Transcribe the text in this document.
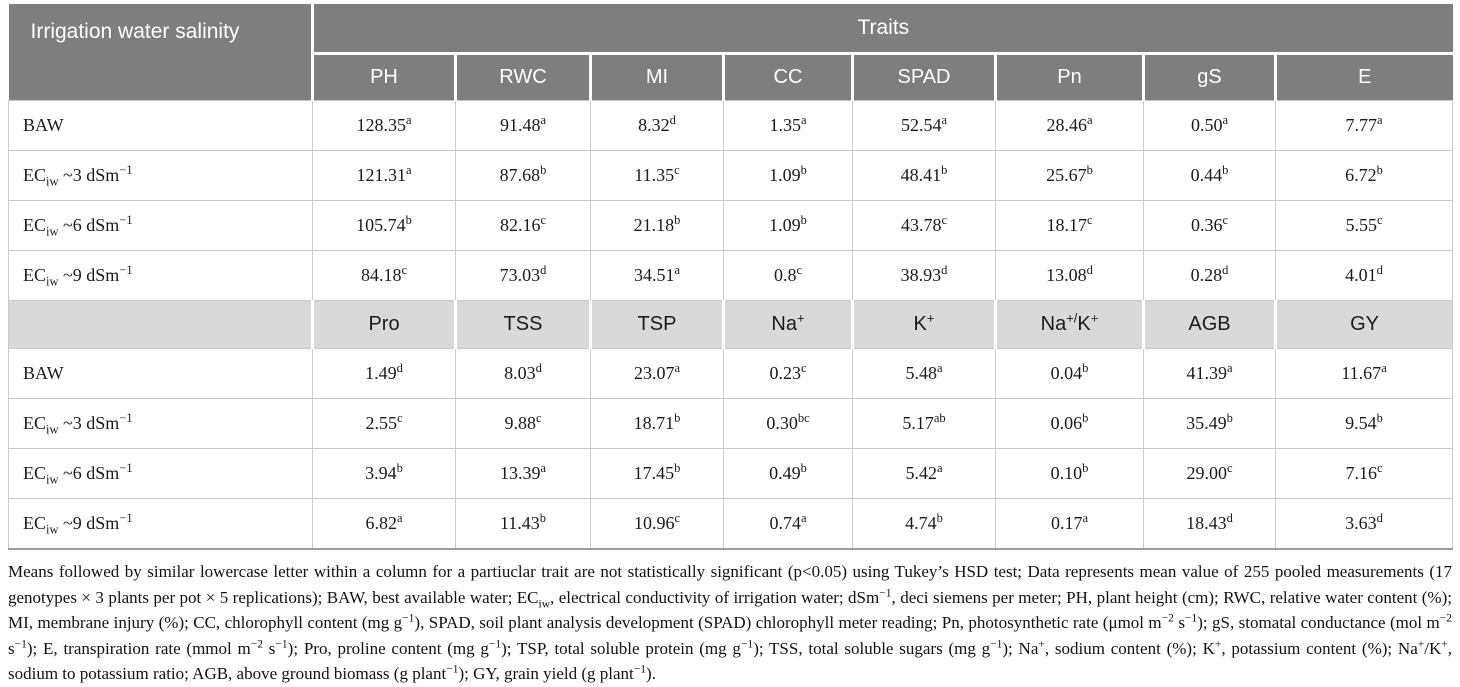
Irrigation water salinity	Traits							
	PH	RWC	MI	CC	SPAD	Pn	gS	E
BAW	128.35$^a$	91.48$^a$	8.32$^d$	1.35$^a$	52.54$^a$	28.46$^a$	0.50$^a$	7.77$^a$
$EC_{iw}$ ~3 dSm$^{-1}$	121.31$^a$	87.68$^b$	11.35$^c$	1.09$^b$	48.41$^b$	25.67$^b$	0.44$^b$	6.72$^b$
$EC_{iw}$ ~6 dSm$^{-1}$	105.74$^b$	82.16$^c$	21.18$^b$	1.09$^b$	43.78$^c$	18.17$^c$	0.36$^c$	5.55$^c$
$EC_{iw}$ ~9 dSm$^{-1}$	84.18$^c$	73.03$^d$	34.51$^a$	0.8$^c$	38.93$^d$	13.08$^d$	0.28$^d$	4.01$^d$
	Pro	TSS	TSP	Na+	K+	Na+/K+	AGB	GY
BAW	1.49$^d$	8.03$^d$	23.07$^a$	0.23$^c$	5.48$^a$	0.04$^b$	41.39$^a$	11.67$^a$
$EC_{iw}$ ~3 dSm$^{-1}$	2.55$^c$	9.88$^c$	18.71$^b$	0.30$^{bc}$	5.17$^{ab}$	0.06$^b$	35.49$^b$	9.54$^b$
$EC_{iw}$ ~6 dSm$^{-1}$	3.94$^b$	13.39$^a$	17.45$^b$	0.49$^b$	5.42$^a$	0.10$^b$	29.00$^c$	7.16$^c$
$EC_{iw}$ ~9 dSm$^{-1}$	6.82$^a$	11.43$^b$	10.96$^c$	0.74$^a$	4.74$^b$	0.17$^a$	18.43$^d$	3.63$^d$

Means followed by similar lowercase letter within a column for a partiuclar trait are not statistically significant (p<0.05) using Tukey’s HSD test; Data represents mean value of 255 pooled measurements (17 genotypes × 3 plants per pot × 5 replications); BAW, best available water; $EC_{iw}$, electrical conductivity of irrigation water; dSm$^{-1}$, deci siemens per meter; PH, plant height (cm); RWC, relative water content (%); MI, membrane injury (%); CC, chlorophyll content (mg $g^{-1}$), SPAD, soil plant analysis development (SPAD) chlorophyll meter reading; Pn, photosynthetic rate (μmol $m^{-2}$ $s^{-1}$); gS, stomatal conductance (mol $m^{-2}$ $s^{-1}$); E, transpiration rate (mmol $m^{-2}$ $s^{-1}$); Pro, proline content (mg $g^{-1}$); TSP, total soluble protein (mg $g^{-1}$); TSS, total soluble sugars (mg $g^{-1}$); Na+, sodium content (%); K+, potassium content (%); Na+/K+, sodium to potassium ratio; AGB, above ground biomass (g plant$^{-1}$); GY, grain yield (g plant$^{-1}$).
